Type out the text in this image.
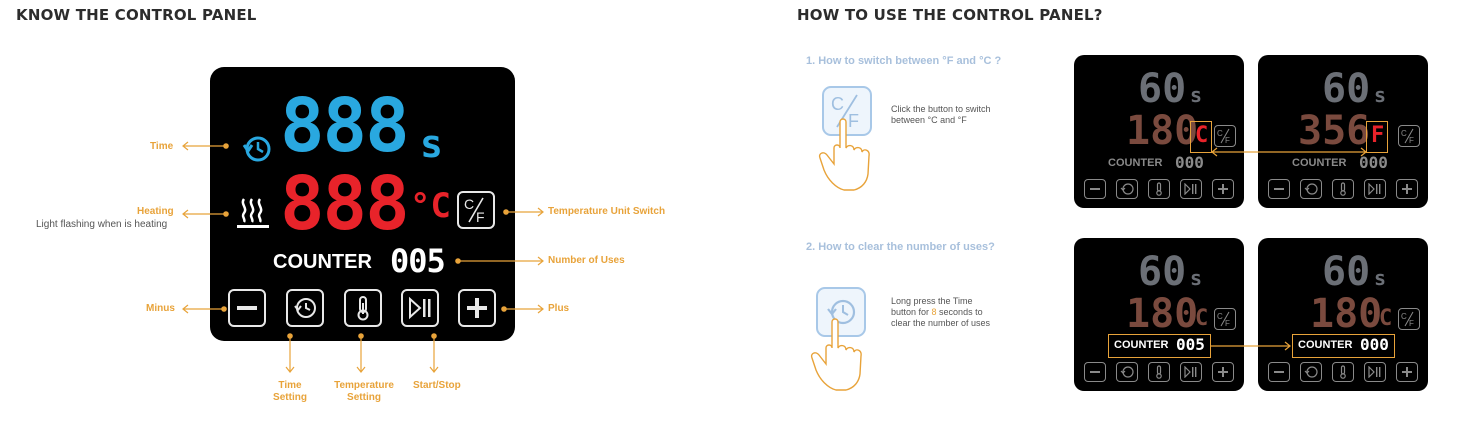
KNOW THE CONTROL PANEL
888 s
888 °C C
F
COUNTER 005
Time
Heating
Light flashing when is heating
Minus
Temperature Unit Switch
Number of Uses
Plus
Time
Setting
Temperature
Setting
Start/Stop
HOW TO USE THE CONTROL PANEL?
1. How to switch between °F and °C ?
C
F
Click the button to switch
between °C and °F
60 s
180
C C
F
COUNTER 000
60 s
356 F C
F
COUNTER 000
2. How to clear the number of uses?
Long press the Time
button for 8 seconds to
clear the number of uses
60 s
180
C C
F
COUNTER 005
60 s
180
C C
F
COUNTER 000
